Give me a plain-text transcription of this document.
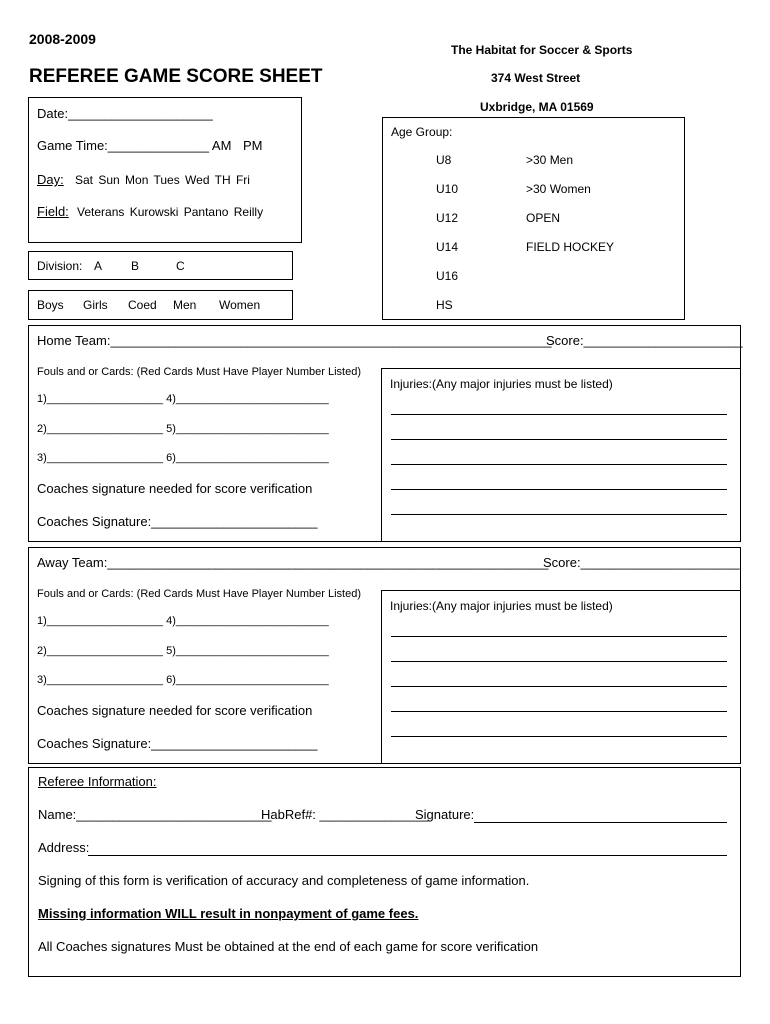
2008-2009
REFEREE GAME SCORE SHEET
The Habitat for Soccer & Sports
374 West Street
Uxbridge, MA 01569
Date:____________________
Game Time:______________ AM PM
Day: Sat Sun Mon Tues Wed TH Fri
Field: Veterans Kurowski Pantano Reilly
Division: A B	C
Boys Girls Coed Men Women
Age Group:
U8
U10
U12
U14
U16
HS
>30 Men
>30 Women
OPEN
FIELD HOCKEY
Home Team:_____________________________________________________________
Score:______________________
Fouls and or Cards: (Red Cards Must Have Player Number Listed)
1)___________________ 4)_________________________
2)___________________ 5)_________________________
3)___________________ 6)_________________________
Coaches signature needed for score verification
Coaches Signature:_______________________
Injuries:(Any major injuries must be listed)
Away Team:_____________________________________________________________
Score:______________________
Fouls and or Cards: (Red Cards Must Have Player Number Listed)
1)___________________ 4)_________________________
2)___________________ 5)_________________________
3)___________________ 6)_________________________
Coaches signature needed for score verification
Coaches Signature:_______________________
Injuries:(Any major injuries must be listed)
Referee Information:
Name:___________________________
HabRef#: _______________
Signature:
Address:
Signing of this form is verification of accuracy and completeness of game information.
Missing information WILL result in nonpayment of game fees.
All Coaches signatures Must be obtained at the end of each game for score verification
